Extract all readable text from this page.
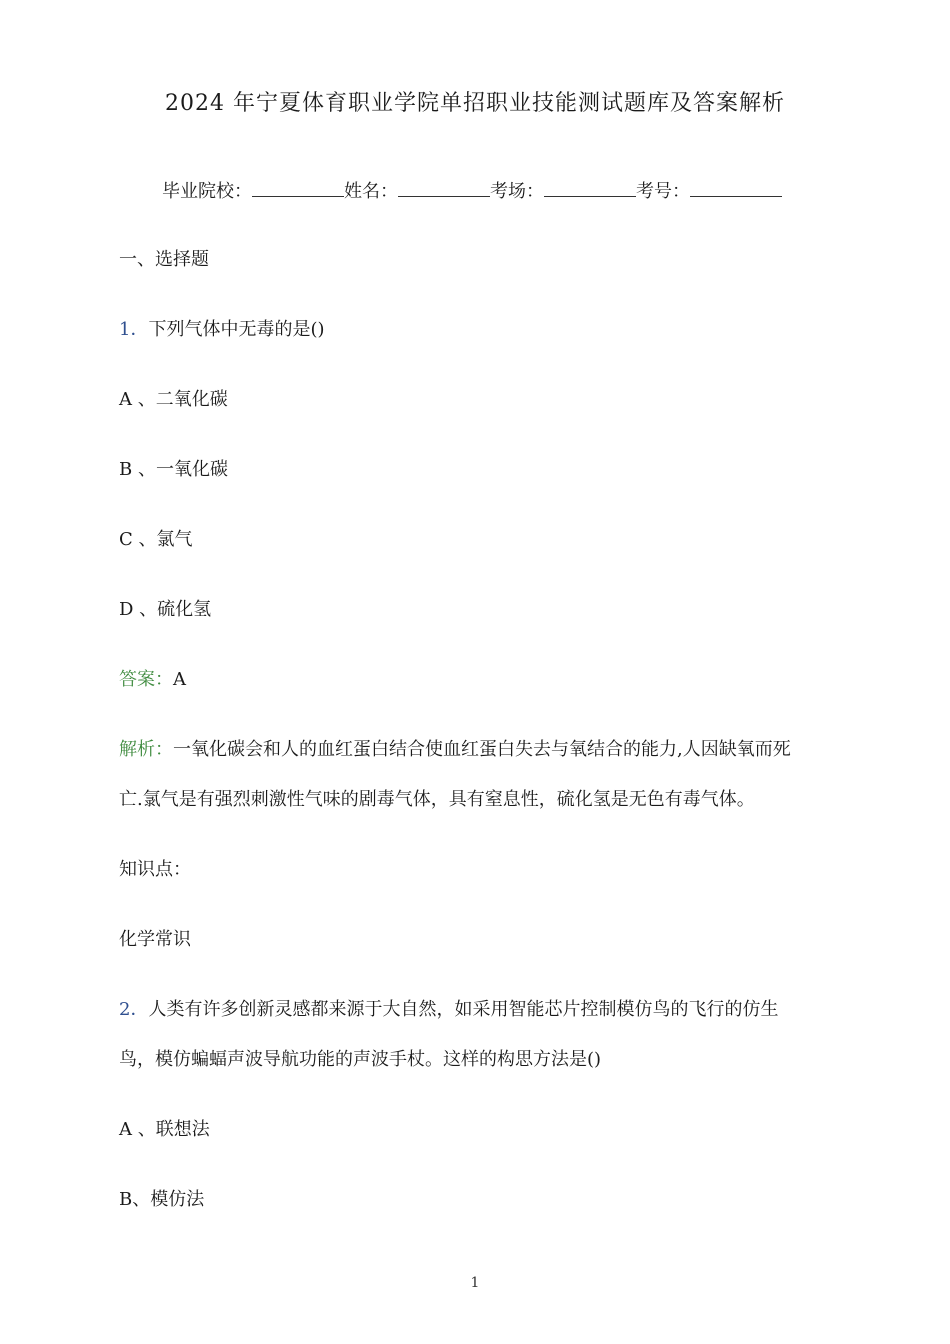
2024 年宁夏体育职业学院单招职业技能测试题库及答案解析
毕业院校：	姓名：	考场：	考号：
一、选择题
1．下列气体中无毒的是()
A 、二氧化碳
B 、一氧化碳
C 、氯气
D 、硫化氢
答案：A
解析：一氧化碳会和人的血红蛋白结合使血红蛋白失去与氧结合的能力,人因缺氧而死
亡.氯气是有强烈刺激性气味的剧毒气体，具有窒息性，硫化氢是无色有毒气体。
知识点：
化学常识
2．人类有许多创新灵感都来源于大自然，如采用智能芯片控制模仿鸟的飞行的仿生
鸟，模仿蝙蝠声波导航功能的声波手杖。这样的构思方法是()
A 、联想法
B、模仿法
1
